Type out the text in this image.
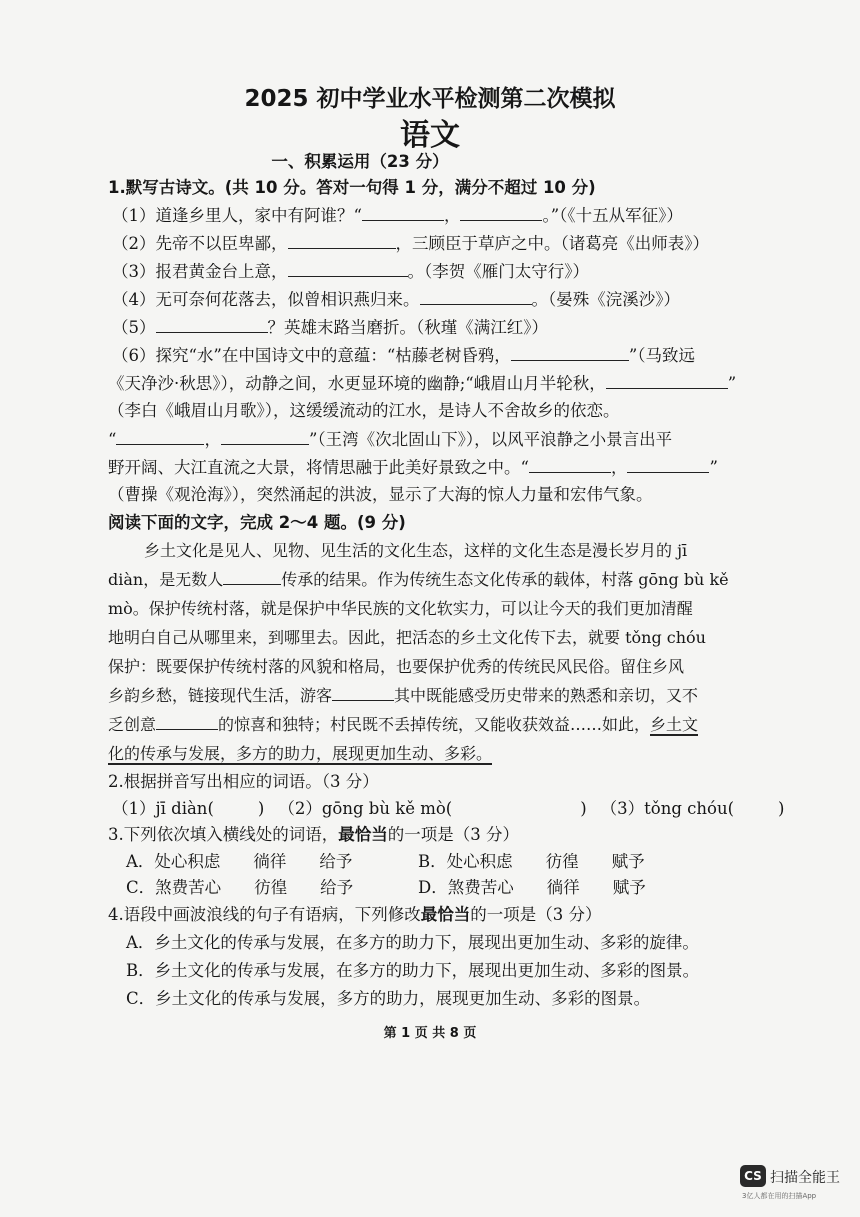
2025 初中学业水平检测第二次模拟
语文
一、积累运用（23 分）
1.默写古诗文。(共 10 分。答对一句得 1 分，满分不超过 10 分)
（1）道逢乡里人，家中有阿谁？“	，	。”（《十五从军征》）
（2）先帝不以臣卑鄙，	，三顾臣于草庐之中。（诸葛亮《出师表》）
（3）报君黄金台上意，	。（李贺《雁门太守行》）
（4）无可奈何花落去，似曾相识燕归来。	。（晏殊《浣溪沙》）
（5）	？英雄末路当磨折。（秋瑾《满江红》）
（6）探究“水”在中国诗文中的意蕴：“枯藤老树昏鸦，	”（马致远
《天净沙·秋思》），动静之间，水更显环境的幽静;“峨眉山月半轮秋，	”
（李白《峨眉山月歌》），这缓缓流动的江水，是诗人不舍故乡的依恋。
“	，	”（王湾《次北固山下》），以风平浪静之小景言出平
野开阔、大江直流之大景，将情思融于此美好景致之中。“	，	”
（曹操《观沧海》），突然涌起的洪波，显示了大海的惊人力量和宏伟气象。
阅读下面的文字，完成 2～4 题。(9 分)
乡土文化是见人、见物、见生活的文化生态，这样的文化生态是漫长岁月的 jī
diàn，是无数人	传承的结果。作为传统生态文化传承的载体，村落 gōng bù kě
mò。保护传统村落，就是保护中华民族的文化软实力，可以让今天的我们更加清醒
地明白自己从哪里来，到哪里去。因此，把活态的乡土文化传下去，就要 tǒng chóu
保护：既要保护传统村落的风貌和格局，也要保护优秀的传统民风民俗。留住乡风
乡韵乡愁，链接现代生活，游客	其中既能感受历史带来的熟悉和亲切，又不
乏创意	的惊喜和独特；村民既不丢掉传统，又能收获效益……如此，乡土文
化的传承与发展，多方的助力，展现更加生动、多彩。
2.根据拼音写出相应的词语。（3 分）
（1）jī diàn(	) （2）gōng bù kě mò(	) （3）tǒng chóu(	)
3.下列依次填入横线处的词语，最恰当的一项是（3 分）
A．处心积虑　　徜徉　　给予	B．处心积虑　　彷徨　　赋予
C．煞费苦心　　彷徨　　给予	D．煞费苦心　　徜徉　　赋予
4.语段中画波浪线的句子有语病，下列修改最恰当的一项是（3 分）
A．乡土文化的传承与发展，在多方的助力下，展现出更加生动、多彩的旋律。
B．乡土文化的传承与发展，在多方的助力下，展现出更加生动、多彩的图景。
C．乡土文化的传承与发展，多方的助力，展现更加生动、多彩的图景。
第 1 页 共 8 页
CS 扫描全能王
3亿人都在用的扫描App
